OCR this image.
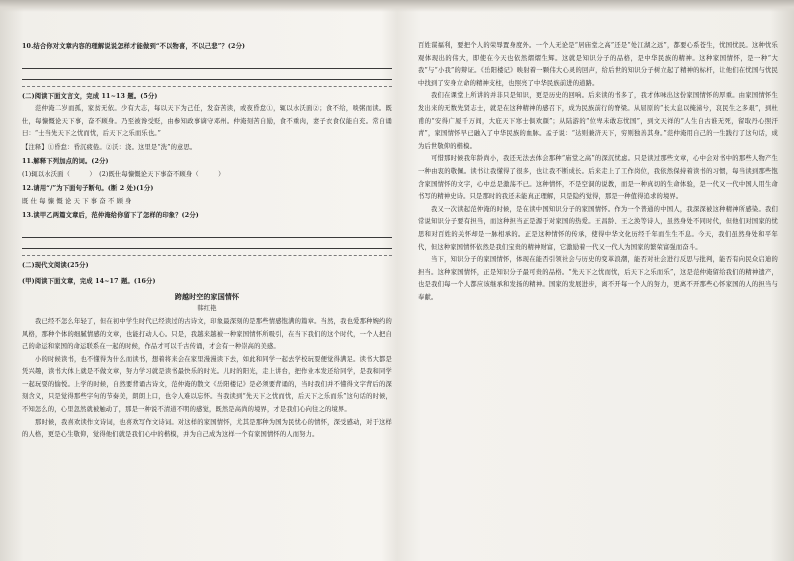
10.结合你对文章内容的理解说说怎样才能做到“不以物喜，不以己悲”？(2分)
(二)阅读下面文言文，完成 11~13 题。(5分)
范仲淹二岁而孤，家贫无依。少有大志，每以天下为己任，发奋苦读，或夜昏怠①，辄以水沃面②；食不给，啖粥而读。既仕，每慷慨论天下事，奋不顾身。乃至被谗受贬，由参知政事谪守邓州。仲淹刻苦自励，食不重肉，妻子衣食仅能自充。常自诵曰：“士当先天下之忧而忧，后天下之乐而乐也。”
【注释】①昏怠：昏沉疲倦。②沃：浇。这里是“洗”的意思。
11.解释下列加点的词。(2分)
(1)辄以水沃面（　　　）　(2)既仕每慷慨论天下事奋不顾身（　　　）
12.请用“/”为下面句子断句。(断 2 处)(1分)
既 仕 每 慷 慨 论 天 下 事 奋 不 顾 身
13.读甲乙两篇文章后，范仲淹给你留下了怎样的印象？(2分)
(二)现代文阅读(25分)
(甲)阅读下面文章，完成 14~17 题。(16分)
跨越时空的家国情怀
韩红艳
我已经不怎么年轻了，但在初中学生时代已经读过的古诗文，印象最深刻的是那些情感饱满的篇章。当然，我也爱那种婉约的风格，那种个体的细腻情感的文章，也能打动人心。只是，我越来越被一种家国情怀所吸引，在当下我们的这个时代，一个人把自己的命运和家国的命运联系在一起的时候，作品才可以千古传诵，才会有一种崇高的美感。
小的时候读书，也不懂得为什么而读书，想着将来会在家里漫漫读下去，如此和同学一起去学校玩耍便觉得满足。读书大都是凭兴趣，读书大体上就是不做文章，努力学习就是读书最快乐的时光。儿时的阳光，走上讲台，把作业本发还给同学，是我和同学一起玩耍的愉悦。上学的时候，自然要背诵古诗文，范仲淹的散文《岳阳楼记》是必须要背诵的，当时我们并不懂得文字背后的深刻含义，只是觉得那些字句的节奏美，朗朗上口，也令人难以忘怀。当我读到“先天下之忧而忧，后天下之乐而乐”这句话的时候，不知怎么的，心里忽然就被触动了，那是一种说不清道不明的感觉，既然是高尚的境界，才是我们心向往之的境界。
那时候，我喜欢读作文诗词，也喜欢写作文诗词。对这样的家国情怀，尤其是那种为国为民忧心的情怀，深受感动，对于这样的人格，更是心生敬仰，觉得他们就是我们心中的楷模，并为自己成为这样一个有家国情怀的人而努力。
百姓谋福利，要把个人的荣辱置身度外。一个人无论是“居庙堂之高”还是“处江湖之远”，都要心系苍生，忧国忧民。这种忧乐观体现出的伟大，即使在今天也依然熠熠生辉。这就是知识分子的品格，是中华民族的精神。这种家国情怀，是一种“大我”与“小我”的辩证。《岳阳楼记》映射着一颗伟大心灵的回声，给后世的知识分子树立起了精神的标杆，让他们在忧国与忧民中找到了安身立命的精神支柱，也照亮了中华民族前进的道路。
我们在课堂上所讲的并非只是知识，更是历史的回响。后来读的书多了，我才体味出这份家国情怀的厚重。由家国情怀生发出来的无数先贤志士，就是在这种精神的感召下，成为民族前行的脊梁。从屈原的“长太息以掩涕兮，哀民生之多艰”，到杜甫的“安得广厦千万间，大庇天下寒士俱欢颜”；从陆游的“位卑未敢忘忧国”，到文天祥的“人生自古谁无死，留取丹心照汗青”，家国情怀早已融入了中华民族的血脉。孟子说：“达则兼济天下，穷则独善其身。”范仲淹用自己的一生践行了这句话，成为后世敬仰的楷模。
可惜那时候我年龄尚小，我还无法去体会那种“庙堂之高”的深沉忧虑。只是读过那些文章，心中会对书中的那些人物产生一种由衷的敬佩。读书让我懂得了很多，也让我不断成长。后来走上了工作岗位，我依然保持着读书的习惯，每当读到那些饱含家国情怀的文字，心中总是激荡不已。这种情怀，不是空洞的说教，而是一种真切的生命体验，是一代又一代中国人用生命书写的精神史诗。只是那时的我还未能真正理解，只是隐约觉得，那是一种值得追求的境界。
我又一次读起范仲淹的时候，是在读中国知识分子的家国情怀。作为一个普通的中国人，我深深被这种精神所感染。我们常说知识分子要有担当，而这种担当正是源于对家国的热爱。王昌龄、王之涣等诗人，虽然身处不同时代，但他们对国家的忧思和对百姓的关怀却是一脉相承的。正是这种情怀的传承，使得中华文化历经千年而生生不息。今天，我们虽然身处和平年代，但这种家国情怀依然是我们宝贵的精神财富，它激励着一代又一代人为国家的繁荣富强而奋斗。
当下，知识分子的家国情怀，体现在能否引领社会与历史的变革浪潮，能否对社会进行反思与批判，能否有向民众启迪的担当。这种家国情怀，正是知识分子最可贵的品格。“先天下之忧而忧，后天下之乐而乐”，这是范仲淹留给我们的精神遗产，也是我们每一个人都应该继承和发扬的精神。国家的发展进步，离不开每一个人的努力，更离不开那些心怀家国的人的担当与奉献。
